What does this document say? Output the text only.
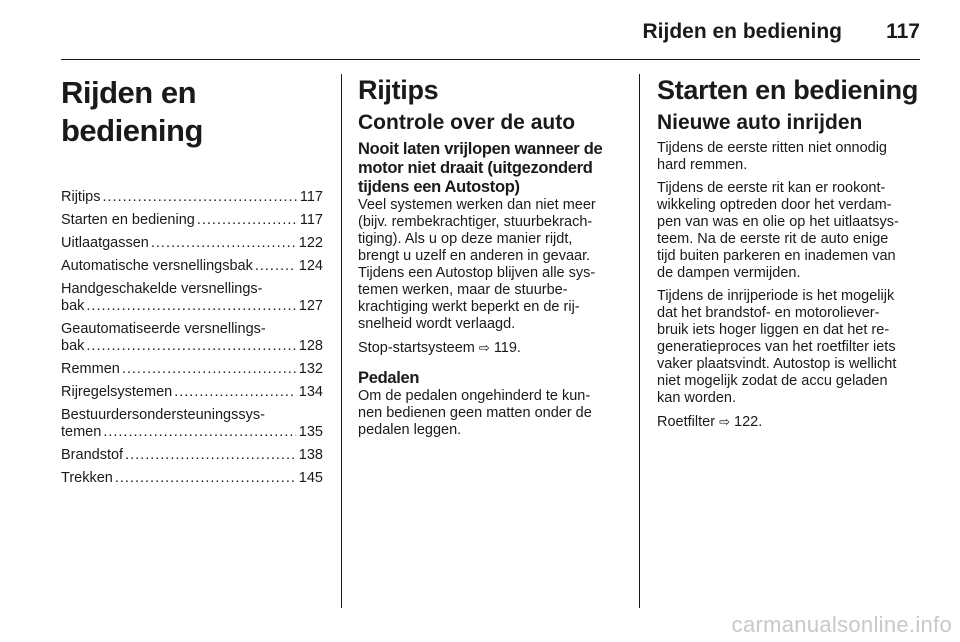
Rijden en bediening 117
Rijden en bediening
Rijtips .....	117
Starten en bediening .....	117
Uitlaatgassen .....	122
Automatische versnellingsbak .....	124
Handgeschakelde versnellings-
bak .....	127
Geautomatiseerde versnellings-
bak .....	128
Remmen .....	132
Rijregelsystemen .....	134
Bestuurdersondersteuningssys-
temen .....	135
Brandstof .....	138
Trekken .....	145
Rijtips
Controle over de auto
Nooit laten vrijlopen wanneer de
motor niet draait (uitgezonderd
tijdens een Autostop)
Veel systemen werken dan niet meer
(bijv. rembekrachtiger, stuurbekrach-
tiging). Als u op deze manier rijdt,
brengt u uzelf en anderen in gevaar.
Tijdens een Autostop blijven alle sys-
temen werken, maar de stuurbe-
krachtiging werkt beperkt en de rij-
snelheid wordt verlaagd.
Stop-startsysteem ⇨ 119.
Pedalen
Om de pedalen ongehinderd te kun-
nen bedienen geen matten onder de
pedalen leggen.
Starten en bediening
Nieuwe auto inrijden
Tijdens de eerste ritten niet onnodig
hard remmen.
Tijdens de eerste rit kan er rookont-
wikkeling optreden door het verdam-
pen van was en olie op het uitlaatsys-
teem. Na de eerste rit de auto enige
tijd buiten parkeren en inademen van
de dampen vermijden.
Tijdens de inrijperiode is het mogelijk
dat het brandstof- en motoroliever-
bruik iets hoger liggen en dat het re-
generatieproces van het roetfilter iets
vaker plaatsvindt. Autostop is wellicht
niet mogelijk zodat de accu geladen
kan worden.
Roetfilter ⇨ 122.
carmanualsonline.info
